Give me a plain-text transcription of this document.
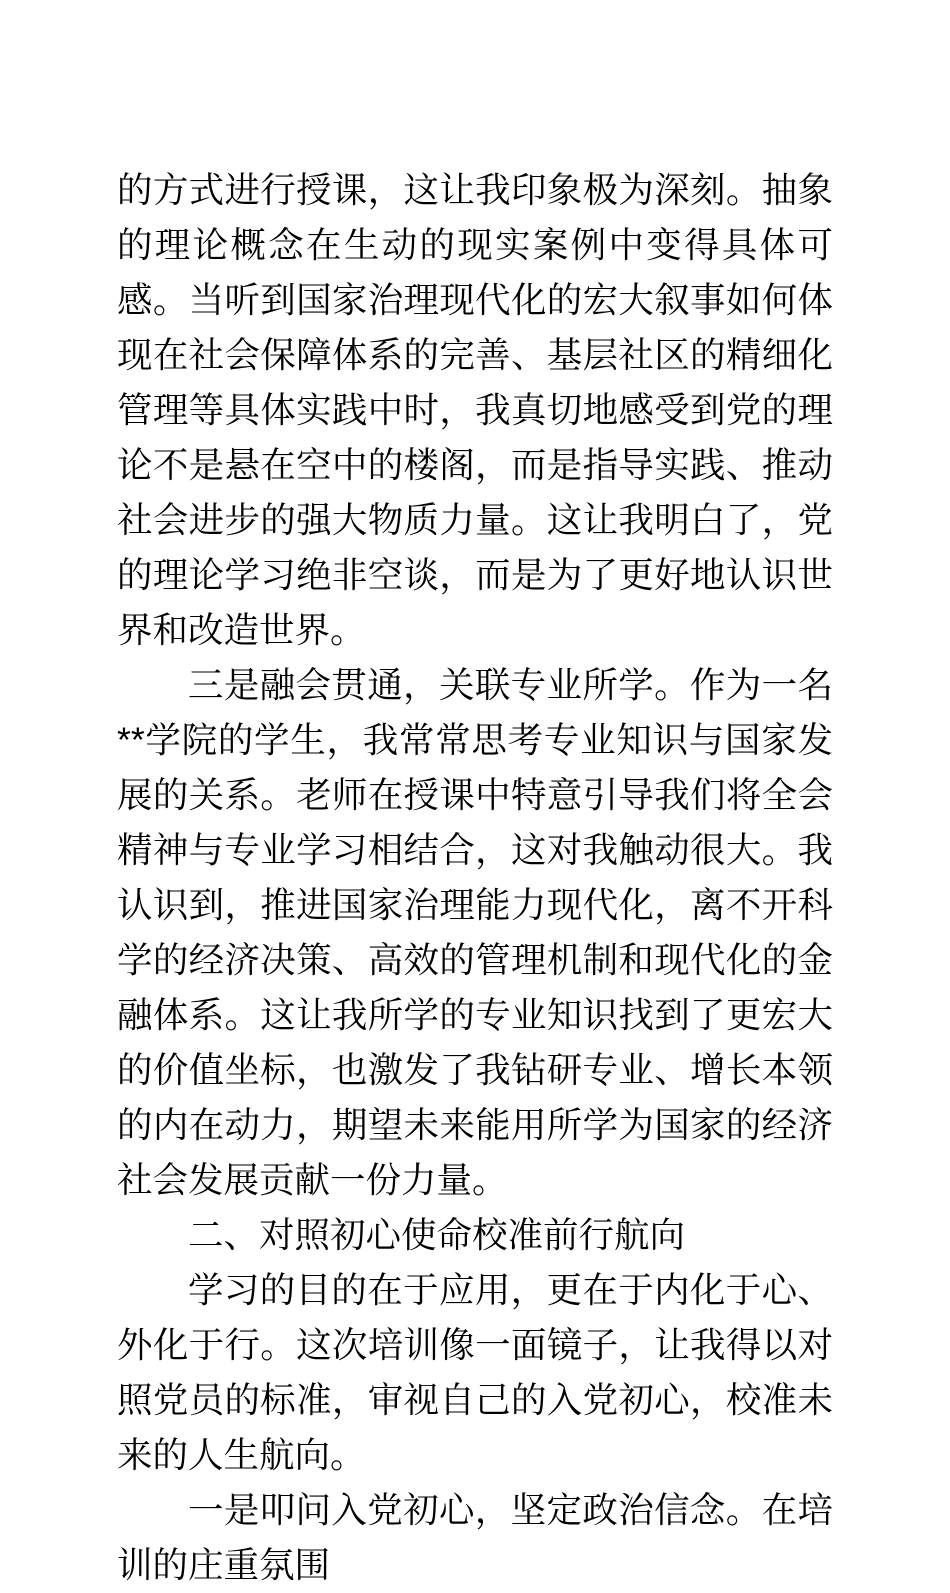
的方式进行授课，这让我印象极为深刻。抽象的理论概念在生动的现实案例中变得具体可感。当听到国家治理现代化的宏大叙事如何体现在社会保障体系的完善、基层社区的精细化管理等具体实践中时，我真切地感受到党的理论不是悬在空中的楼阁，而是指导实践、推动社会进步的强大物质力量。这让我明白了，党的理论学习绝非空谈，而是为了更好地认识世界和改造世界。

三是融会贯通，关联专业所学。作为一名**学院的学生，我常常思考专业知识与国家发展的关系。老师在授课中特意引导我们将全会精神与专业学习相结合，这对我触动很大。我认识到，推进国家治理能力现代化，离不开科学的经济决策、高效的管理机制和现代化的金融体系。这让我所学的专业知识找到了更宏大的价值坐标，也激发了我钻研专业、增长本领的内在动力，期望未来能用所学为国家的经济社会发展贡献一份力量。

二、对照初心使命校准前行航向

学习的目的在于应用，更在于内化于心、外化于行。这次培训像一面镜子，让我得以对照党员的标准，审视自己的入党初心，校准未来的人生航向。

一是叩问入党初心，坚定政治信念。在培训的庄重氛围
